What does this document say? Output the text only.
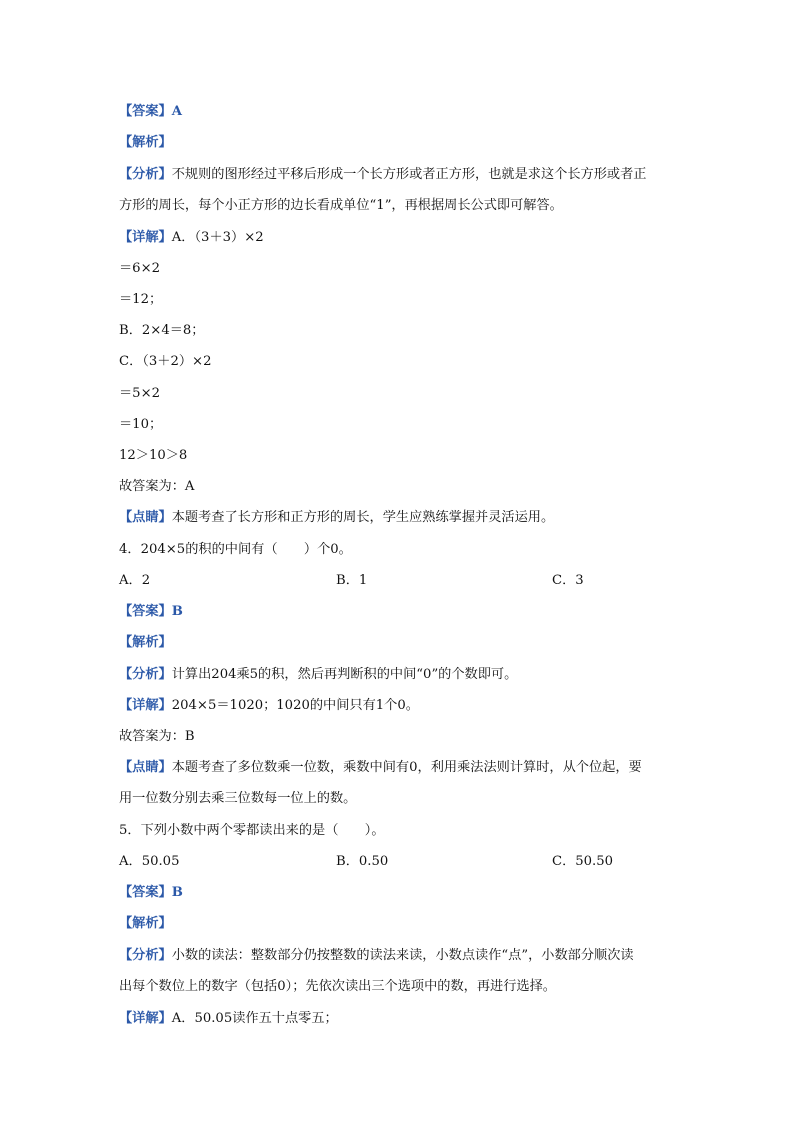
【答案】A
【解析】
【分析】不规则的图形经过平移后形成一个长方形或者正方形，也就是求这个长方形或者正
方形的周长，每个小正方形的边长看成单位“1”，再根据周长公式即可解答。
【详解】A．（3＋3）×2
＝6×2
＝12；
B．2×4＝8；
C．（3＋2）×2
＝5×2
＝10；
12＞10＞8
故答案为：A
【点睛】本题考查了长方形和正方形的周长，学生应熟练掌握并灵活运用。
4．204×5的积的中间有（　　）个0。
A．2	B．1	C．3
【答案】B
【解析】
【分析】计算出204乘5的积，然后再判断积的中间“0”的个数即可。
【详解】204×5＝1020；1020的中间只有1个0。
故答案为：B
【点睛】本题考查了多位数乘一位数，乘数中间有0，利用乘法法则计算时，从个位起，要
用一位数分别去乘三位数每一位上的数。
5．下列小数中两个零都读出来的是（　　）。
A．50.05	B．0.50	C．50.50
【答案】B
【解析】
【分析】小数的读法：整数部分仍按整数的读法来读，小数点读作“点”，小数部分顺次读
出每个数位上的数字（包括0）；先依次读出三个选项中的数，再进行选择。
【详解】A．50.05读作五十点零五；
